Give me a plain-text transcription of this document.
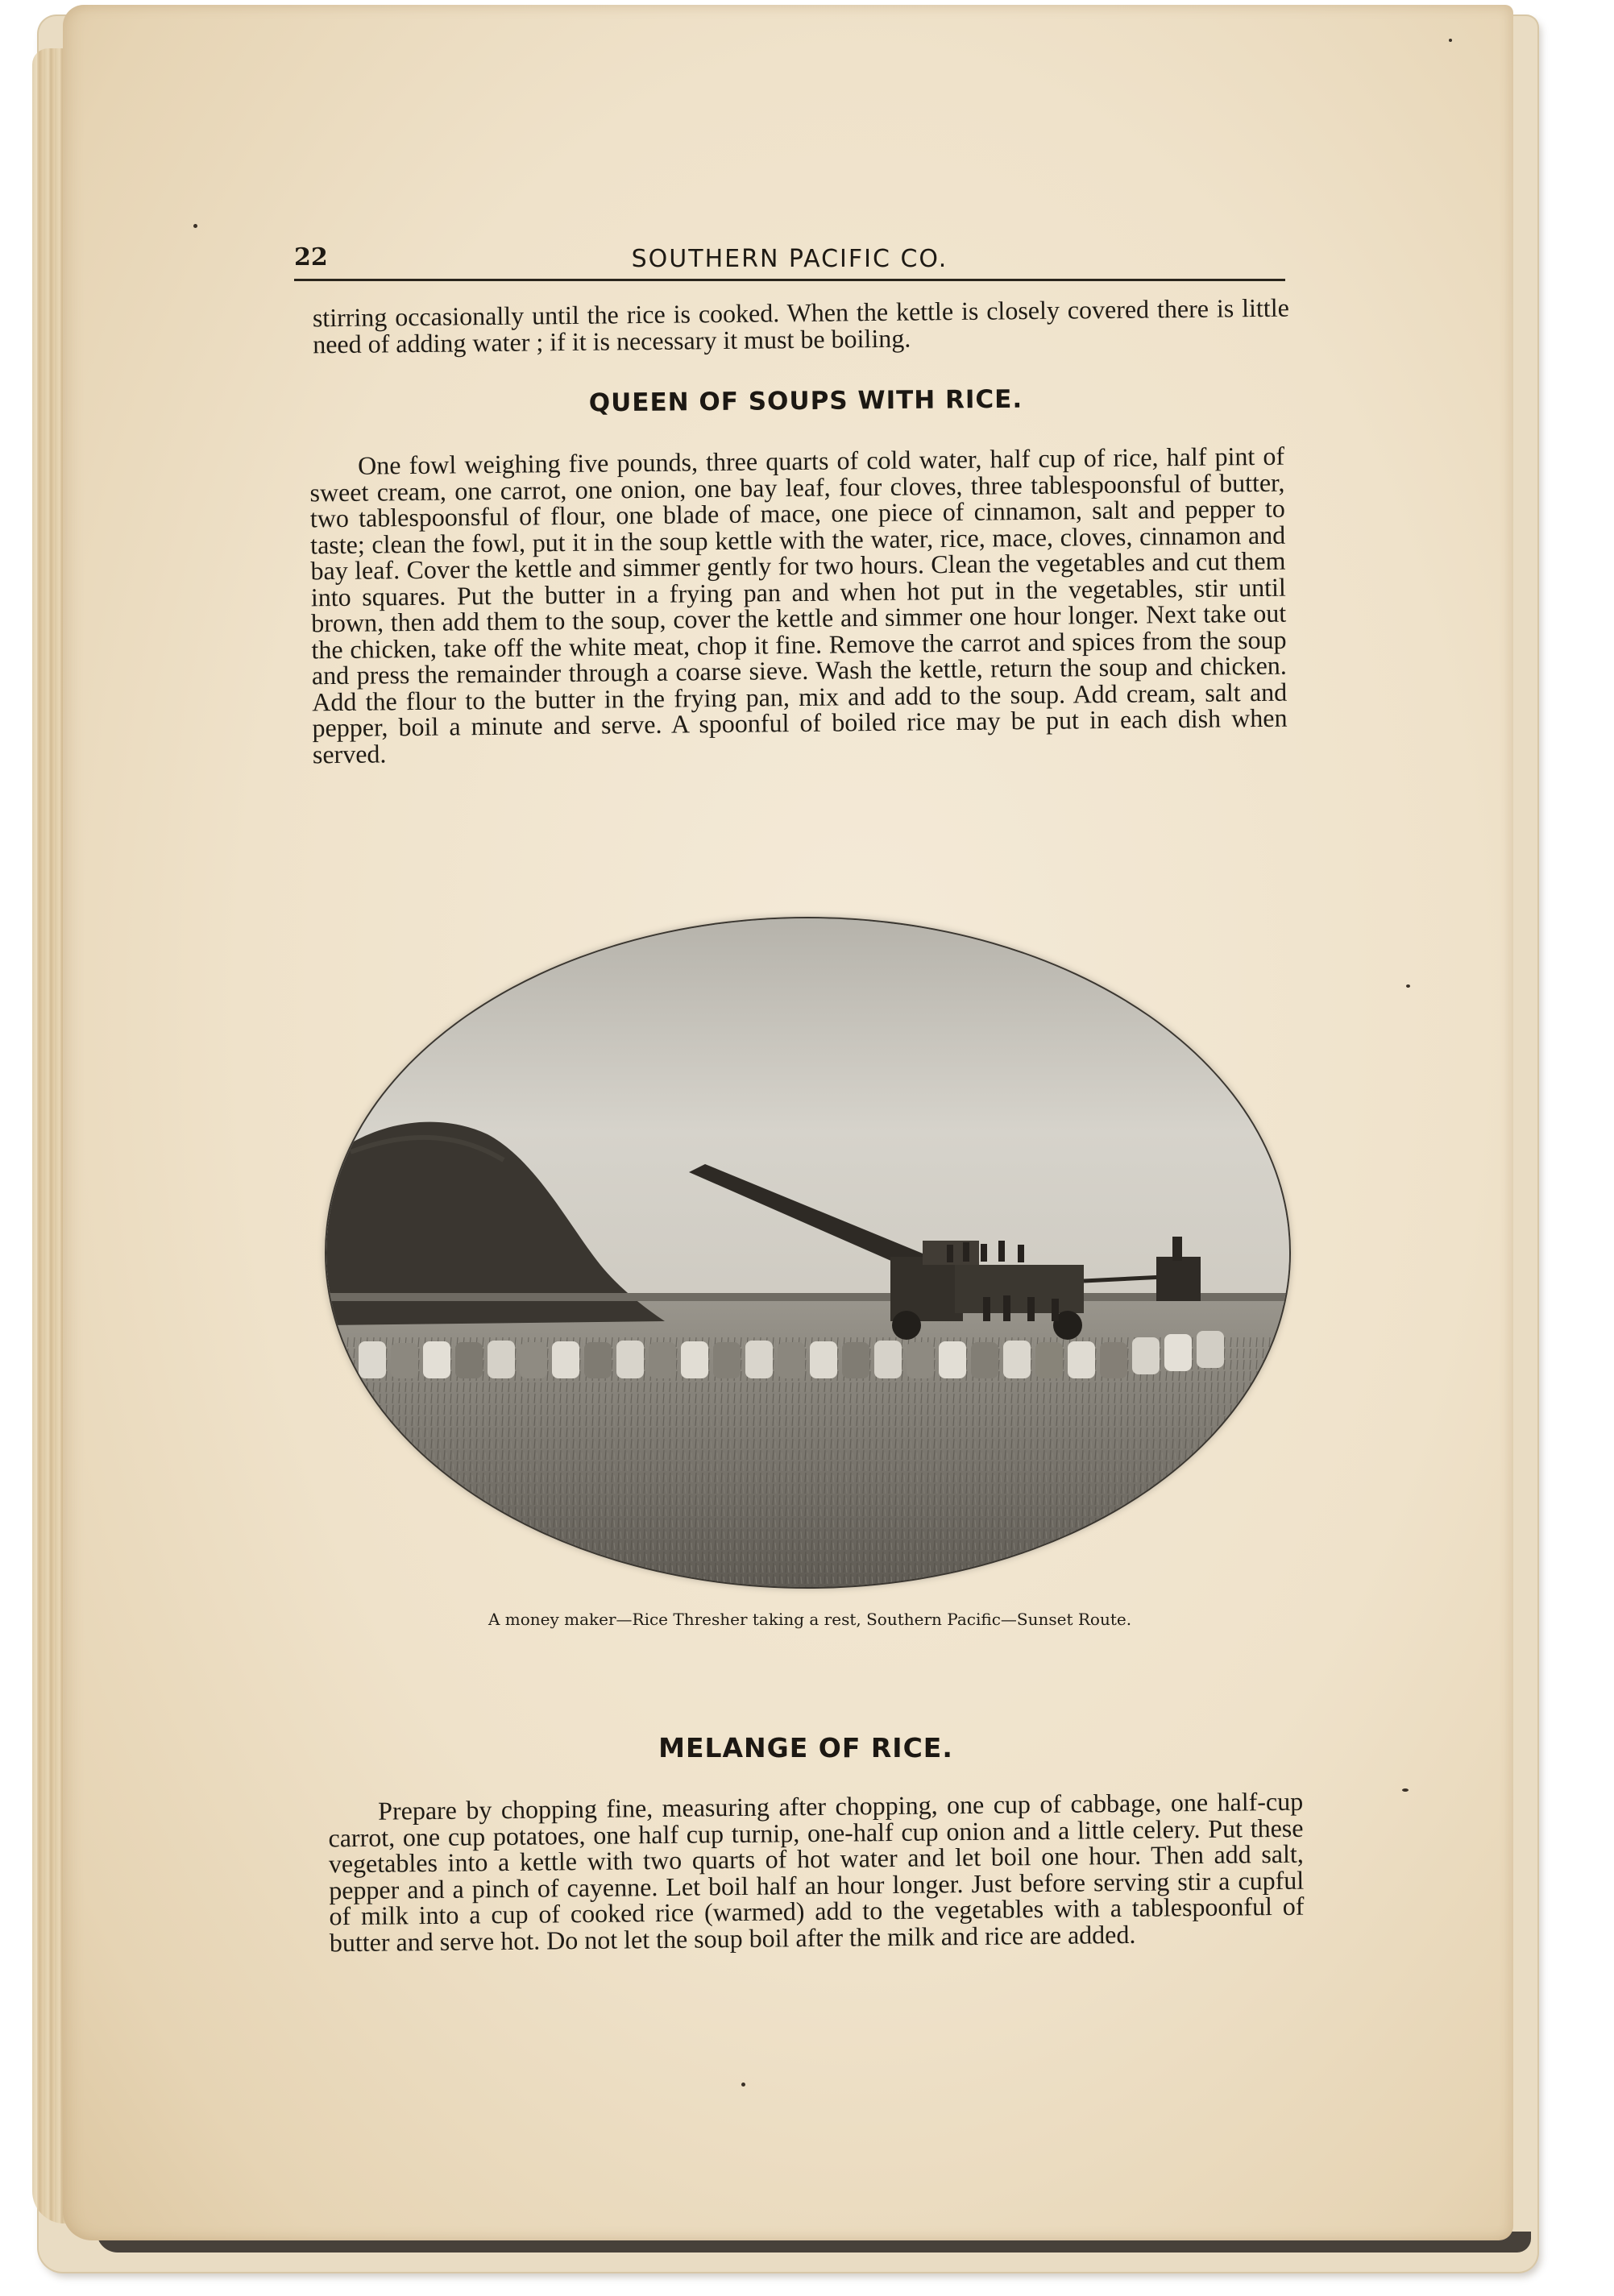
22	SOUTHERN PACIFIC CO.
stirring occasionally until the rice is cooked. When the kettle is closely covered there is little need of adding water ; if it is necessary it must be boiling.
QUEEN OF SOUPS WITH RICE.
One fowl weighing five pounds, three quarts of cold water, half cup of rice, half pint of sweet cream, one carrot, one onion, one bay leaf, four cloves, three tablespoonsful of butter, two tablespoonsful of flour, one blade of mace, one piece of cinnamon, salt and pepper to taste; clean the fowl, put it in the soup kettle with the water, rice, mace, cloves, cinnamon and bay leaf. Cover the kettle and simmer gently for two hours. Clean the vegetables and cut them into squares. Put the butter in a frying pan and when hot put in the vegetables, stir until brown, then add them to the soup, cover the kettle and simmer one hour longer. Next take out the chicken, take off the white meat, chop it fine. Remove the carrot and spices from the soup and press the remainder through a coarse sieve. Wash the kettle, return the soup and chicken. Add the flour to the butter in the frying pan, mix and add to the soup. Add cream, salt and pepper, boil a minute and serve. A spoonful of boiled rice may be put in each dish when served.
A money maker—Rice Thresher taking a rest, Southern Pacific—Sunset Route.
MELANGE OF RICE.
Prepare by chopping fine, measuring after chopping, one cup of cabbage, one half-cup carrot, one cup potatoes, one half cup turnip, one-half cup onion and a little celery. Put these vegetables into a kettle with two quarts of hot water and let boil one hour. Then add salt, pepper and a pinch of cayenne. Let boil half an hour longer. Just before serving stir a cupful of milk into a cup of cooked rice (warmed) add to the vegetables with a tablespoonful of butter and serve hot. Do not let the soup boil after the milk and rice are added.
